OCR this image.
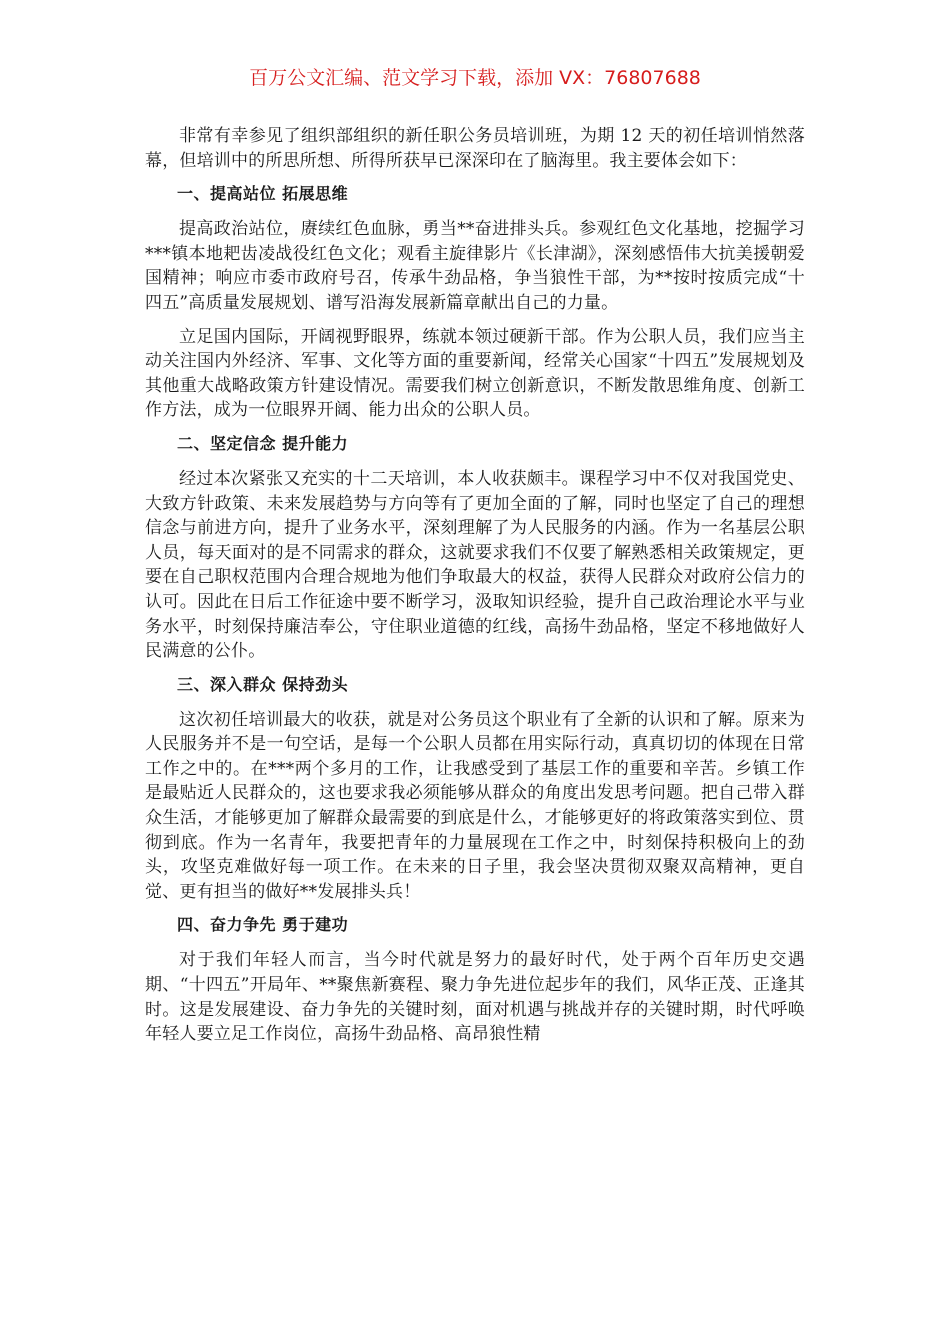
百万公文汇编、范文学习下载，添加 VX：76807688

非常有幸参见了组织部组织的新任职公务员培训班，为期 12 天的初任培训悄然落幕，但培训中的所思所想、所得所获早已深深印在了脑海里。我主要体会如下：

一、提高站位 拓展思维

提高政治站位，赓续红色血脉，勇当**奋进排头兵。参观红色文化基地，挖掘学习***镇本地耙齿凌战役红色文化；观看主旋律影片《长津湖》，深刻感悟伟大抗美援朝爱国精神；响应市委市政府号召，传承牛劲品格，争当狼性干部，为**按时按质完成“十四五”高质量发展规划、谱写沿海发展新篇章献出自己的力量。

立足国内国际，开阔视野眼界，练就本领过硬新干部。作为公职人员，我们应当主动关注国内外经济、军事、文化等方面的重要新闻，经常关心国家“十四五”发展规划及其他重大战略政策方针建设情况。需要我们树立创新意识，不断发散思维角度、创新工作方法，成为一位眼界开阔、能力出众的公职人员。

二、坚定信念 提升能力

经过本次紧张又充实的十二天培训，本人收获颇丰。课程学习中不仅对我国党史、大致方针政策、未来发展趋势与方向等有了更加全面的了解，同时也坚定了自己的理想信念与前进方向，提升了业务水平，深刻理解了为人民服务的内涵。作为一名基层公职人员，每天面对的是不同需求的群众，这就要求我们不仅要了解熟悉相关政策规定，更要在自己职权范围内合理合规地为他们争取最大的权益，获得人民群众对政府公信力的认可。因此在日后工作征途中要不断学习，汲取知识经验，提升自己政治理论水平与业务水平，时刻保持廉洁奉公，守住职业道德的红线，高扬牛劲品格，坚定不移地做好人民满意的公仆。

三、深入群众 保持劲头

这次初任培训最大的收获，就是对公务员这个职业有了全新的认识和了解。原来为人民服务并不是一句空话，是每一个公职人员都在用实际行动，真真切切的体现在日常工作之中的。在***两个多月的工作，让我感受到了基层工作的重要和辛苦。乡镇工作是最贴近人民群众的，这也要求我必须能够从群众的角度出发思考问题。把自己带入群众生活，才能够更加了解群众最需要的到底是什么，才能够更好的将政策落实到位、贯彻到底。作为一名青年，我要把青年的力量展现在工作之中，时刻保持积极向上的劲头，攻坚克难做好每一项工作。在未来的日子里，我会坚决贯彻双聚双高精神，更自觉、更有担当的做好**发展排头兵！

四、奋力争先 勇于建功

对于我们年轻人而言，当今时代就是努力的最好时代，处于两个百年历史交遇期、“十四五”开局年、**聚焦新赛程、聚力争先进位起步年的我们，风华正茂、正逢其时。这是发展建设、奋力争先的关键时刻，面对机遇与挑战并存的关键时期，时代呼唤年轻人要立足工作岗位，高扬牛劲品格、高昂狼性精
